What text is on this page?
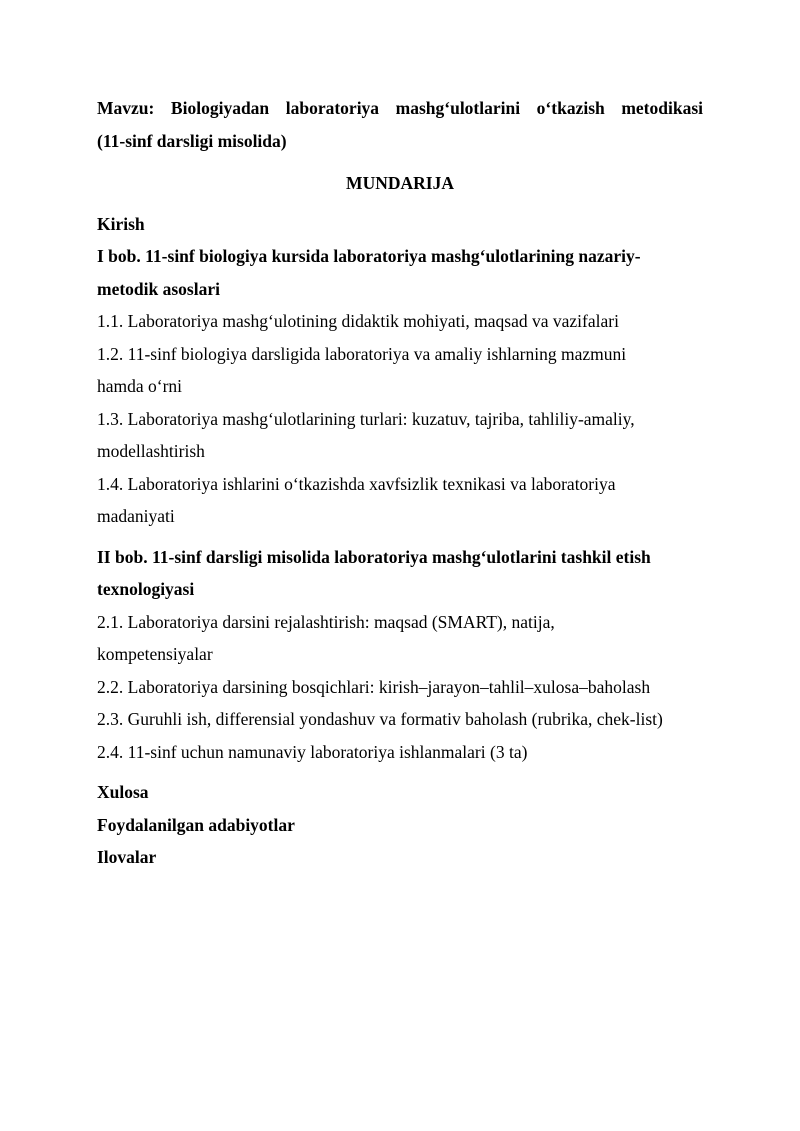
Mavzu: Biologiyadan laboratoriya mashg‘ulotlarini o‘tkazish metodikasi
(11-sinf darsligi misolida)
MUNDARIJA
Kirish
I bob. 11-sinf biologiya kursida laboratoriya mashg‘ulotlarining nazariy-metodik asoslari
1.1. Laboratoriya mashg‘ulotining didaktik mohiyati, maqsad va vazifalari
1.2. 11-sinf biologiya darsligida laboratoriya va amaliy ishlarning mazmuni hamda o‘rni
1.3. Laboratoriya mashg‘ulotlarining turlari: kuzatuv, tajriba, tahliliy-amaliy, modellashtirish
1.4. Laboratoriya ishlarini o‘tkazishda xavfsizlik texnikasi va laboratoriya madaniyati
II bob. 11-sinf darsligi misolida laboratoriya mashg‘ulotlarini tashkil etish texnologiyasi
2.1. Laboratoriya darsini rejalashtirish: maqsad (SMART), natija, kompetensiyalar
2.2. Laboratoriya darsining bosqichlari: kirish–jarayon–tahlil–xulosa–baholash
2.3. Guruhli ish, differensial yondashuv va formativ baholash (rubrika, chek-list)
2.4. 11-sinf uchun namunaviy laboratoriya ishlanmalari (3 ta)
Xulosa
Foydalanilgan adabiyotlar
Ilovalar
